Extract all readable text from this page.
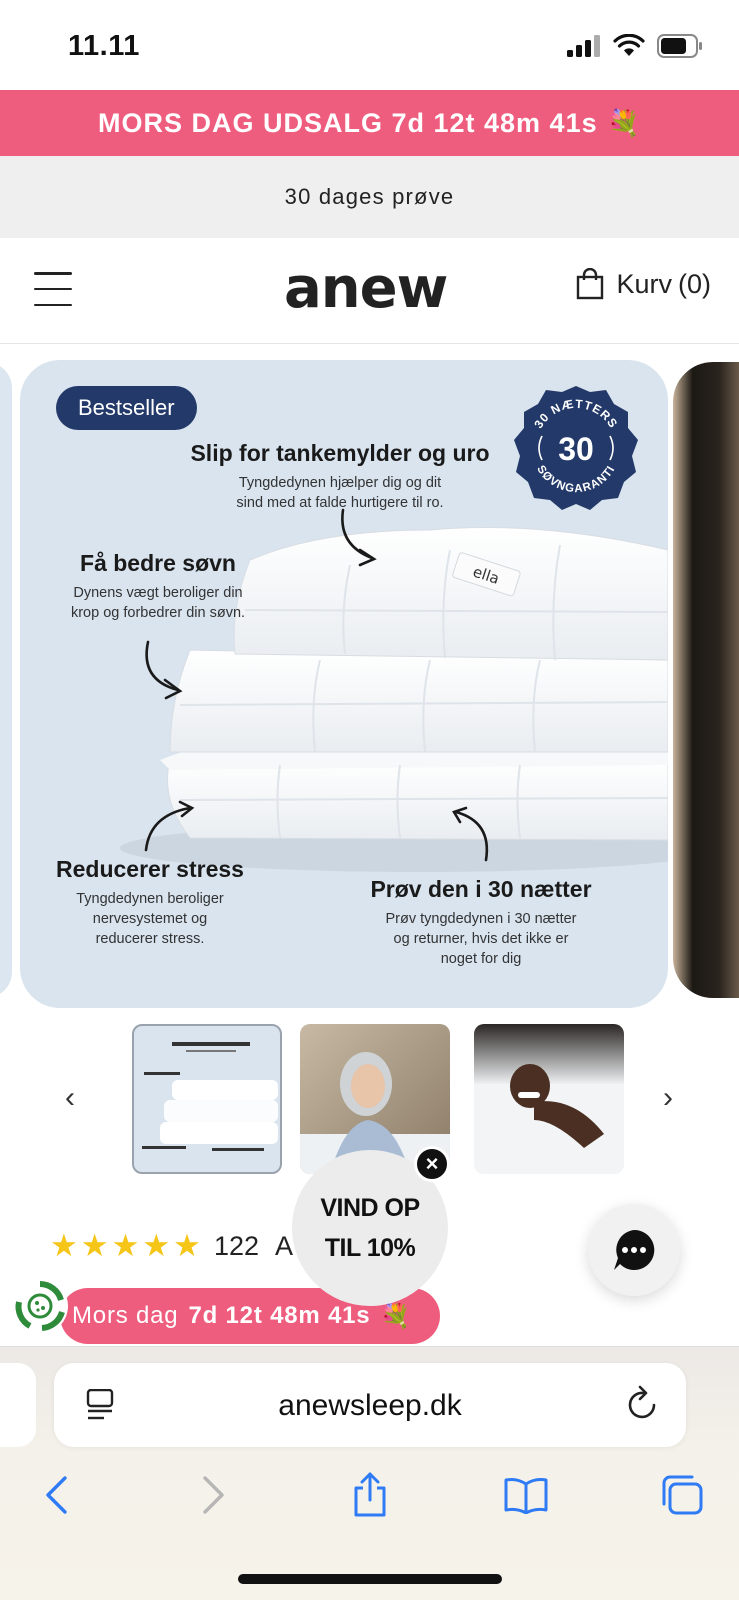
11.11
MORS DAG UDSALG 7d 12t 48m 41s 💐
30 dages prøve
anew	Kurv (0)
ella
Bestseller
30 NÆTTERS
30
SØVNGARANTI
Slip for tankemylder og uro
Tyngdedynen hjælper dig og dit
sind med at falde hurtigere til ro.
Få bedre søvn
Dynens vægt beroliger din
krop og forbedrer din søvn.
Reducerer stress
Tyngdedynen beroliger
nervesystemet og
reducerer stress.
Prøv den i 30 nætter
Prøv tyngdedynen i 30 nætter
og returner, hvis det ikke er
noget for dig
‹	›
★★★★★ 122 A
Mors dag 7d 12t 48m 41s 💐
VIND OP
TIL 10%
×
anewsleep.dk
